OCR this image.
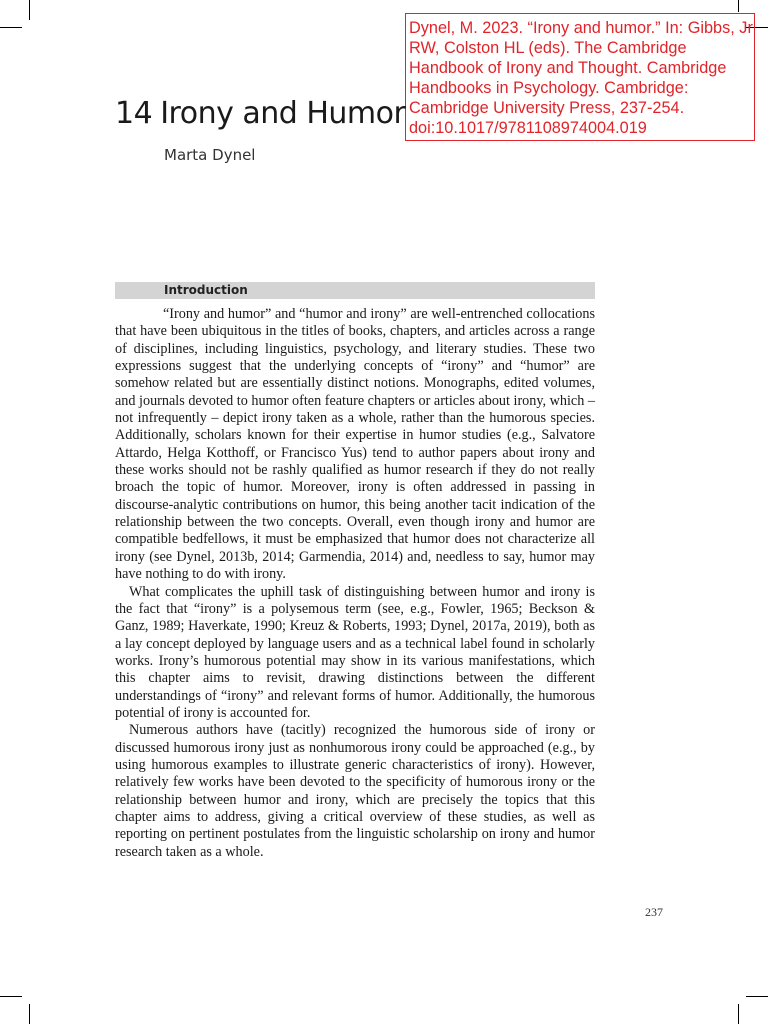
Dynel, M. 2023. “Irony and humor.” In: Gibbs, Jr RW, Colston HL (eds). The Cambridge Handbook of Irony and Thought. Cambridge Handbooks in Psychology. Cambridge: Cambridge University Press, 237-254. doi:10.1017/9781108974004.019
14 Irony and Humor
Marta Dynel
Introduction

“Irony and humor” and “humor and irony” are well-entrenched collocations that have been ubiquitous in the titles of books, chapters, and articles across a range of disciplines, including linguistics, psychology, and literary studies. These two expressions suggest that the underlying concepts of “irony” and “humor” are somehow related but are essentially distinct notions. Monographs, edited volumes, and journals devoted to humor often feature chapters or articles about irony, which – not infrequently – depict irony taken as a whole, rather than the humorous species. Additionally, scholars known for their expertise in humor studies (e.g., Salvatore Attardo, Helga Kotthoff, or Francisco Yus) tend to author papers about irony and these works should not be rashly qualified as humor research if they do not really broach the topic of humor. Moreover, irony is often addressed in passing in discourse-analytic contributions on humor, this being another tacit indication of the relationship between the two concepts. Overall, even though irony and humor are compatible bedfellows, it must be emphasized that humor does not characterize all irony (see Dynel, 2013b, 2014; Garmendia, 2014) and, needless to say, humor may have nothing to do with irony.

What complicates the uphill task of distinguishing between humor and irony is the fact that “irony” is a polysemous term (see, e.g., Fowler, 1965; Beckson & Ganz, 1989; Haverkate, 1990; Kreuz & Roberts, 1993; Dynel, 2017a, 2019), both as a lay concept deployed by language users and as a technical label found in scholarly works. Irony’s humorous potential may show in its various manifestations, which this chapter aims to revisit, drawing distinctions between the different understandings of “irony” and relevant forms of humor. Additionally, the humorous potential of irony is accounted for.

Numerous authors have (tacitly) recognized the humorous side of irony or discussed humorous irony just as nonhumorous irony could be approached (e.g., by using humorous examples to illustrate generic characteristics of irony). However, relatively few works have been devoted to the specificity of humorous irony or the relationship between humor and irony, which are precisely the topics that this chapter aims to address, giving a critical overview of these studies, as well as reporting on pertinent postulates from the linguistic scholarship on irony and humor research taken as a whole.

237
